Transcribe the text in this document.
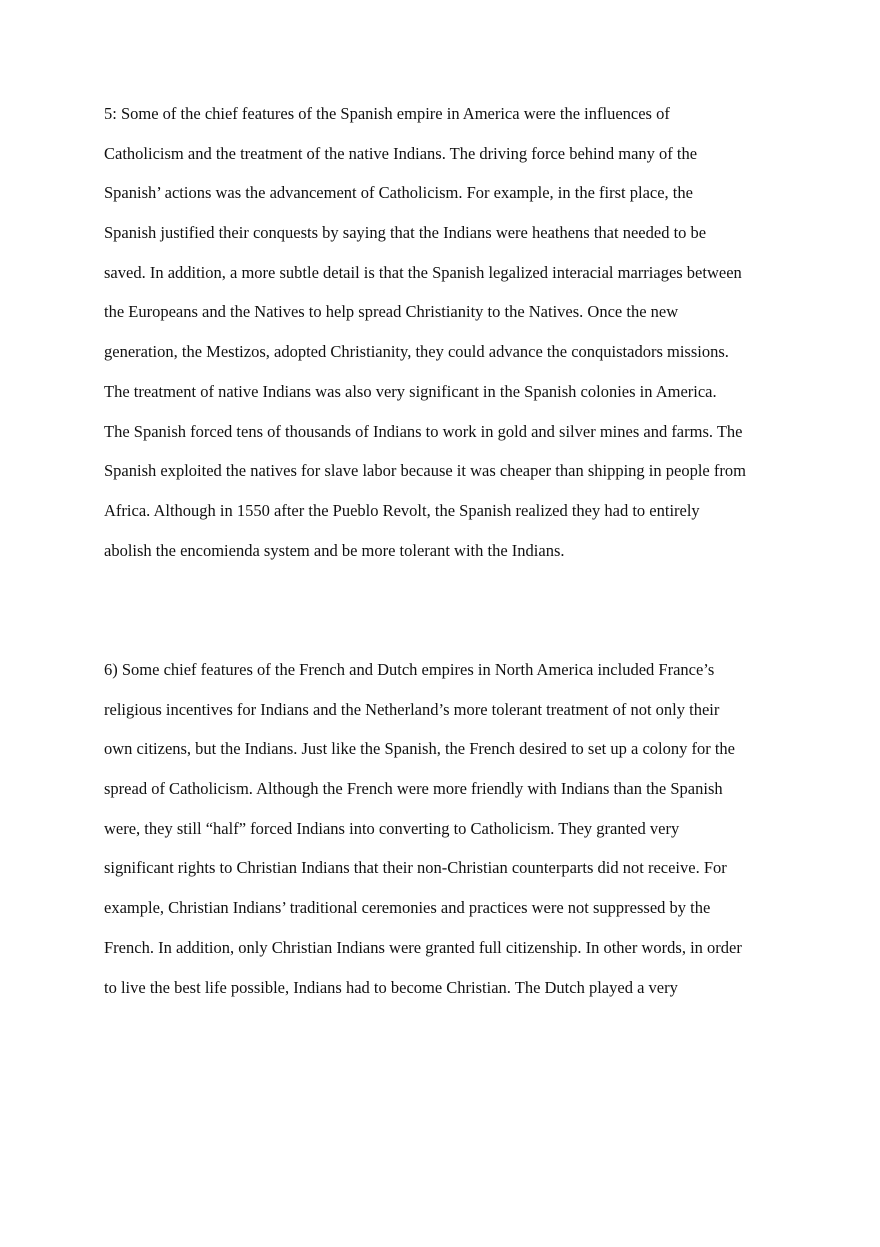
5: Some of the chief features of the Spanish empire in America were the influences of
Catholicism and the treatment of the native Indians. The driving force behind many of the
Spanish’ actions was the advancement of Catholicism. For example, in the first place, the
Spanish justified their conquests by saying that the Indians were heathens that needed to be
saved. In addition, a more subtle detail is that the Spanish legalized interacial marriages between
the Europeans and the Natives to help spread Christianity to the Natives. Once the new
generation, the Mestizos, adopted Christianity, they could advance the conquistadors missions.
The treatment of native Indians was also very significant in the Spanish colonies in America.
The Spanish forced tens of thousands of Indians to work in gold and silver mines and farms. The
Spanish exploited the natives for slave labor because it was cheaper than shipping in people from
Africa. Although in 1550 after the Pueblo Revolt, the Spanish realized they had to entirely
abolish the encomienda system and be more tolerant with the Indians.
6) Some chief features of the French and Dutch empires in North America included France’s
religious incentives for Indians and the Netherland’s more tolerant treatment of not only their
own citizens, but the Indians. Just like the Spanish, the French desired to set up a colony for the
spread of Catholicism. Although the French were more friendly with Indians than the Spanish
were, they still “half” forced Indians into converting to Catholicism. They granted very
significant rights to Christian Indians that their non-Christian counterparts did not receive. For
example, Christian Indians’ traditional ceremonies and practices were not suppressed by the
French. In addition, only Christian Indians were granted full citizenship. In other words, in order
to live the best life possible, Indians had to become Christian. The Dutch played a very
